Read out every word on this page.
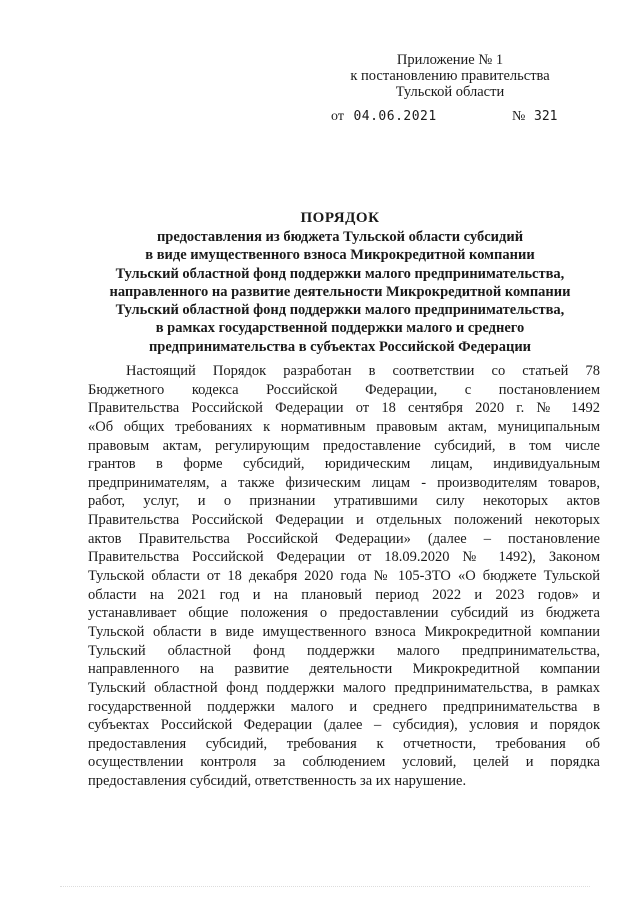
Приложение № 1
к постановлению правительства
Тульской области
от 04.06.2021	№ 321
ПОРЯДОК
предоставления из бюджета Тульской области субсидий
в виде имущественного взноса Микрокредитной компании
Тульский областной фонд поддержки малого предпринимательства,
направленного на развитие деятельности Микрокредитной компании
Тульский областной фонд поддержки малого предпринимательства,
в рамках государственной поддержки малого и среднего
предпринимательства в субъектах Российской Федерации
Настоящий Порядок разработан в соответствии со статьей 78
Бюджетного кодекса Российской Федерации, с постановлением
Правительства Российской Федерации от 18 сентября 2020 г. № 1492
«Об общих требованиях к нормативным правовым актам, муниципальным
правовым актам, регулирующим предоставление субсидий, в том числе
грантов в форме субсидий, юридическим лицам, индивидуальным
предпринимателям, а также физическим лицам - производителям товаров,
работ, услуг, и о признании утратившими силу некоторых актов
Правительства Российской Федерации и отдельных положений некоторых
актов Правительства Российской Федерации» (далее – постановление
Правительства Российской Федерации от 18.09.2020 № 1492), Законом
Тульской области от 18 декабря 2020 года № 105-ЗТО «О бюджете Тульской
области на 2021 год и на плановый период 2022 и 2023 годов» и
устанавливает общие положения о предоставлении субсидий из бюджета
Тульской области в виде имущественного взноса Микрокредитной компании
Тульский областной фонд поддержки малого предпринимательства,
направленного на развитие деятельности Микрокредитной компании
Тульский областной фонд поддержки малого предпринимательства, в рамках
государственной поддержки малого и среднего предпринимательства в
субъектах Российской Федерации (далее – субсидия), условия и порядок
предоставления субсидий, требования к отчетности, требования об
осуществлении контроля за соблюдением условий, целей и порядка
предоставления субсидий, ответственность за их нарушение.
